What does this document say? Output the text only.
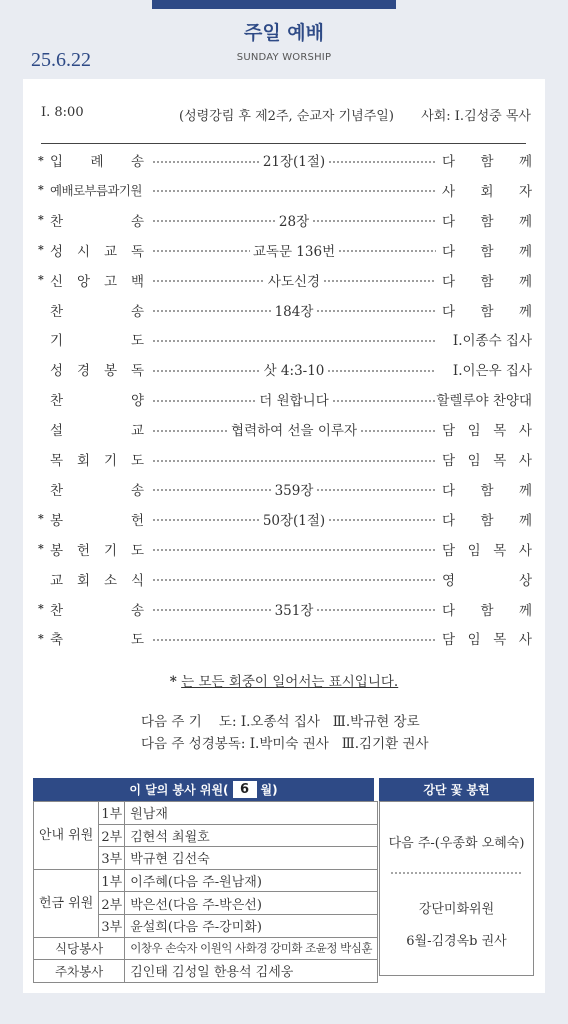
주일 예배
SUNDAY WORSHIP
25.6.22
Ⅰ. 8:00	(성령강림 후 제2주, 순교자 기념주일) 사회: Ⅰ.김성중 목사
* 입 례 송	21장(1절)	다 함 께
* 예배로부름과기원	사 회 자
* 찬	송	28장	다 함 께
* 성 시 교 독	교독문 136번	다 함 께
* 신 앙 고 백	사도신경	다 함 께
찬	송	184장	다 함 께
기	도	Ⅰ.이종수 집사
성 경 봉 독	삿 4:3-10	Ⅰ.이은우 집사
찬	양	더 원합니다	할렐루야 찬양대
설	교	협력하여 선을 이루자	담 임 목 사
목 회 기 도	담 임 목 사
찬	송	359장	다 함 께
* 봉	헌	50장(1절)	다 함 께
* 봉 헌 기 도	담 임 목 사
교 회 소 식	영	상
* 찬	송	351장	다 함 께
* 축	도	담 임 목 사
* 는 모든 회중이 일어서는 표시입니다.
다음 주 기    도: Ⅰ.오종석 집사   Ⅲ.박규현 장로
다음 주 성경봉독: Ⅰ.박미숙 권사   Ⅲ.김기환 권사
이 달의 봉사 위원( 6 월)	강단 꽃 봉헌
안내 위원	1부	원남재
	2부	김현석 최윌호
	3부	박규현 김선숙
헌금 위원	1부	이주혜(다음 주-원남재)
	2부	박은선(다음 주-박은선)
	3부	윤설희(다음 주-강미화)
식당봉사		이창우 손숙자 이원익 사화경 강미화 조윤정 박심훈
주차봉사		김인태 김성일 한용석 김세웅
다음 주-(우종화 오혜숙)
강단미화위원
6월-김경옥b 권사
